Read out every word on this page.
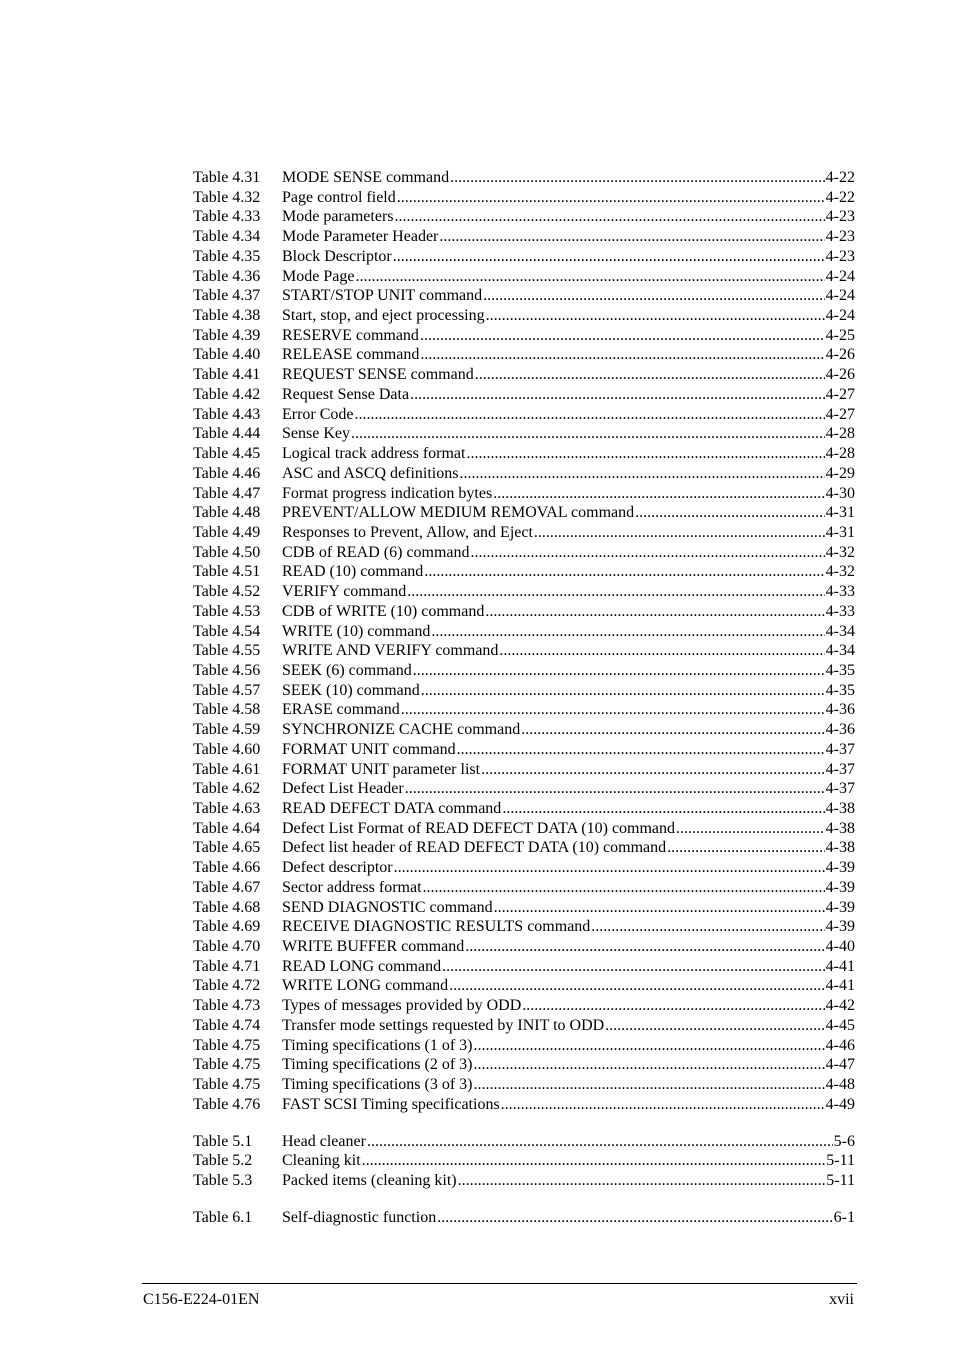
Table 4.31	MODE SENSE command .....	4-22
Table 4.32	Page control field .....	4-22
Table 4.33	Mode parameters .....	4-23
Table 4.34	Mode Parameter Header .....	4-23
Table 4.35	Block Descriptor .....	4-23
Table 4.36	Mode Page .....	4-24
Table 4.37	START/STOP UNIT command .....	4-24
Table 4.38	Start, stop, and eject processing .....	4-24
Table 4.39	RESERVE command .....	4-25
Table 4.40	RELEASE command .....	4-26
Table 4.41	REQUEST SENSE command .....	4-26
Table 4.42	Request Sense Data .....	4-27
Table 4.43	Error Code .....	4-27
Table 4.44	Sense Key .....	4-28
Table 4.45	Logical track address format .....	4-28
Table 4.46	ASC and ASCQ definitions .....	4-29
Table 4.47	Format progress indication bytes .....	4-30
Table 4.48	PREVENT/ALLOW MEDIUM REMOVAL command .....	4-31
Table 4.49	Responses to Prevent, Allow, and Eject .....	4-31
Table 4.50	CDB of READ (6) command .....	4-32
Table 4.51	READ (10) command .....	4-32
Table 4.52	VERIFY command .....	4-33
Table 4.53	CDB of WRITE (10) command .....	4-33
Table 4.54	WRITE (10) command .....	4-34
Table 4.55	WRITE AND VERIFY command .....	4-34
Table 4.56	SEEK (6) command .....	4-35
Table 4.57	SEEK (10) command .....	4-35
Table 4.58	ERASE command .....	4-36
Table 4.59	SYNCHRONIZE CACHE command .....	4-36
Table 4.60	FORMAT UNIT command .....	4-37
Table 4.61	FORMAT UNIT parameter list .....	4-37
Table 4.62	Defect List Header .....	4-37
Table 4.63	READ DEFECT DATA command .....	4-38
Table 4.64	Defect List Format of READ DEFECT DATA (10) command .....	4-38
Table 4.65	Defect list header of READ DEFECT DATA (10) command .....	4-38
Table 4.66	Defect descriptor .....	4-39
Table 4.67	Sector address format .....	4-39
Table 4.68	SEND DIAGNOSTIC command .....	4-39
Table 4.69	RECEIVE DIAGNOSTIC RESULTS command .....	4-39
Table 4.70	WRITE BUFFER command .....	4-40
Table 4.71	READ LONG command .....	4-41
Table 4.72	WRITE LONG command .....	4-41
Table 4.73	Types of messages provided by ODD .....	4-42
Table 4.74	Transfer mode settings requested by INIT to ODD .....	4-45
Table 4.75	Timing specifications (1 of 3) .....	4-46
Table 4.75	Timing specifications (2 of 3) .....	4-47
Table 4.75	Timing specifications (3 of 3) .....	4-48
Table 4.76	FAST SCSI Timing specifications .....	4-49
Table 5.1	Head cleaner .....	5-6
Table 5.2	Cleaning kit .....	5-11
Table 5.3	Packed items (cleaning kit) .....	5-11
Table 6.1	Self-diagnostic function .....	6-1
C156-E224-01EN	xvii
